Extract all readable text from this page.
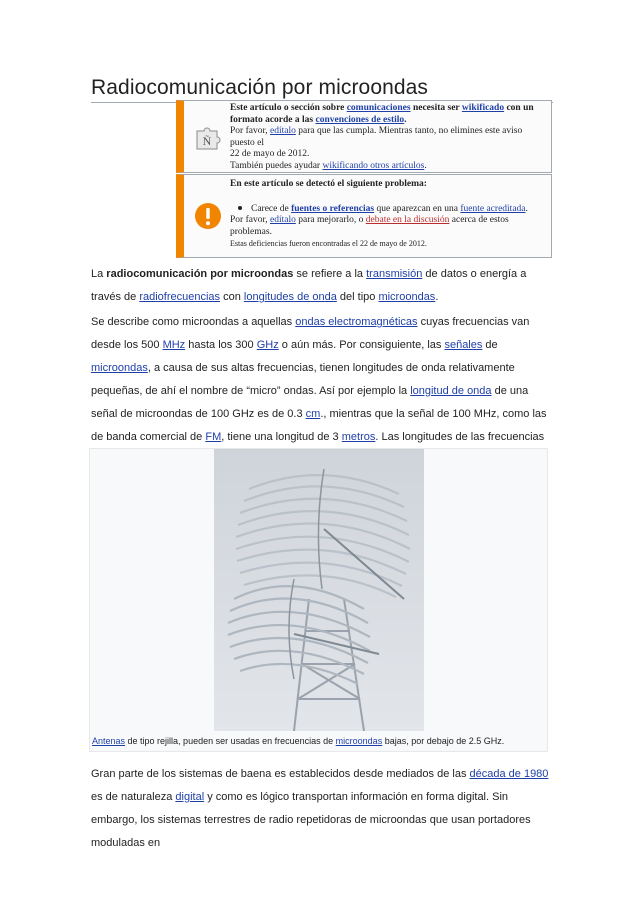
Radiocomunicación por microondas
Ñ
Este artículo o sección sobre comunicaciones necesita ser wikificado con un
formato acorde a las convenciones de estilo.
Por favor, edítalo para que las cumpla. Mientras tanto, no elimines este aviso puesto el
22 de mayo de 2012.
También puedes ayudar wikificando otros artículos.
En este artículo se detectó el siguiente problema:
Carece de fuentes o referencias que aparezcan en una fuente acreditada.
Por favor, edítalo para mejorarlo, o debate en la discusión acerca de estos
problemas.
Estas deficiencias fueron encontradas el 22 de mayo de 2012.

La radiocomunicación por microondas se refiere a la transmisión de datos o energía a través de radiofrecuencias con longitudes de onda del tipo microondas.

Se describe como microondas a aquellas ondas electromagnéticas cuyas frecuencias van desde los 500 MHz hasta los 300 GHz o aún más. Por consiguiente, las señales de microondas, a causa de sus altas frecuencias, tienen longitudes de onda relativamente pequeñas, de ahí el nombre de “micro” ondas. Así por ejemplo la longitud de onda de una señal de microondas de 100 GHz es de 0.3 cm., mientras que la señal de 100 MHz, como las de banda comercial de FM, tiene una longitud de 3 metros. Las longitudes de las frecuencias

Antenas de tipo rejilla, pueden ser usadas en frecuencias de microondas bajas, por debajo de 2.5 GHz.

Gran parte de los sistemas de baena es establecidos desde mediados de las década de 1980 es de naturaleza digital y como es lógico transportan información en forma digital. Sin embargo, los sistemas terrestres de radio repetidoras de microondas que usan portadores moduladas en
